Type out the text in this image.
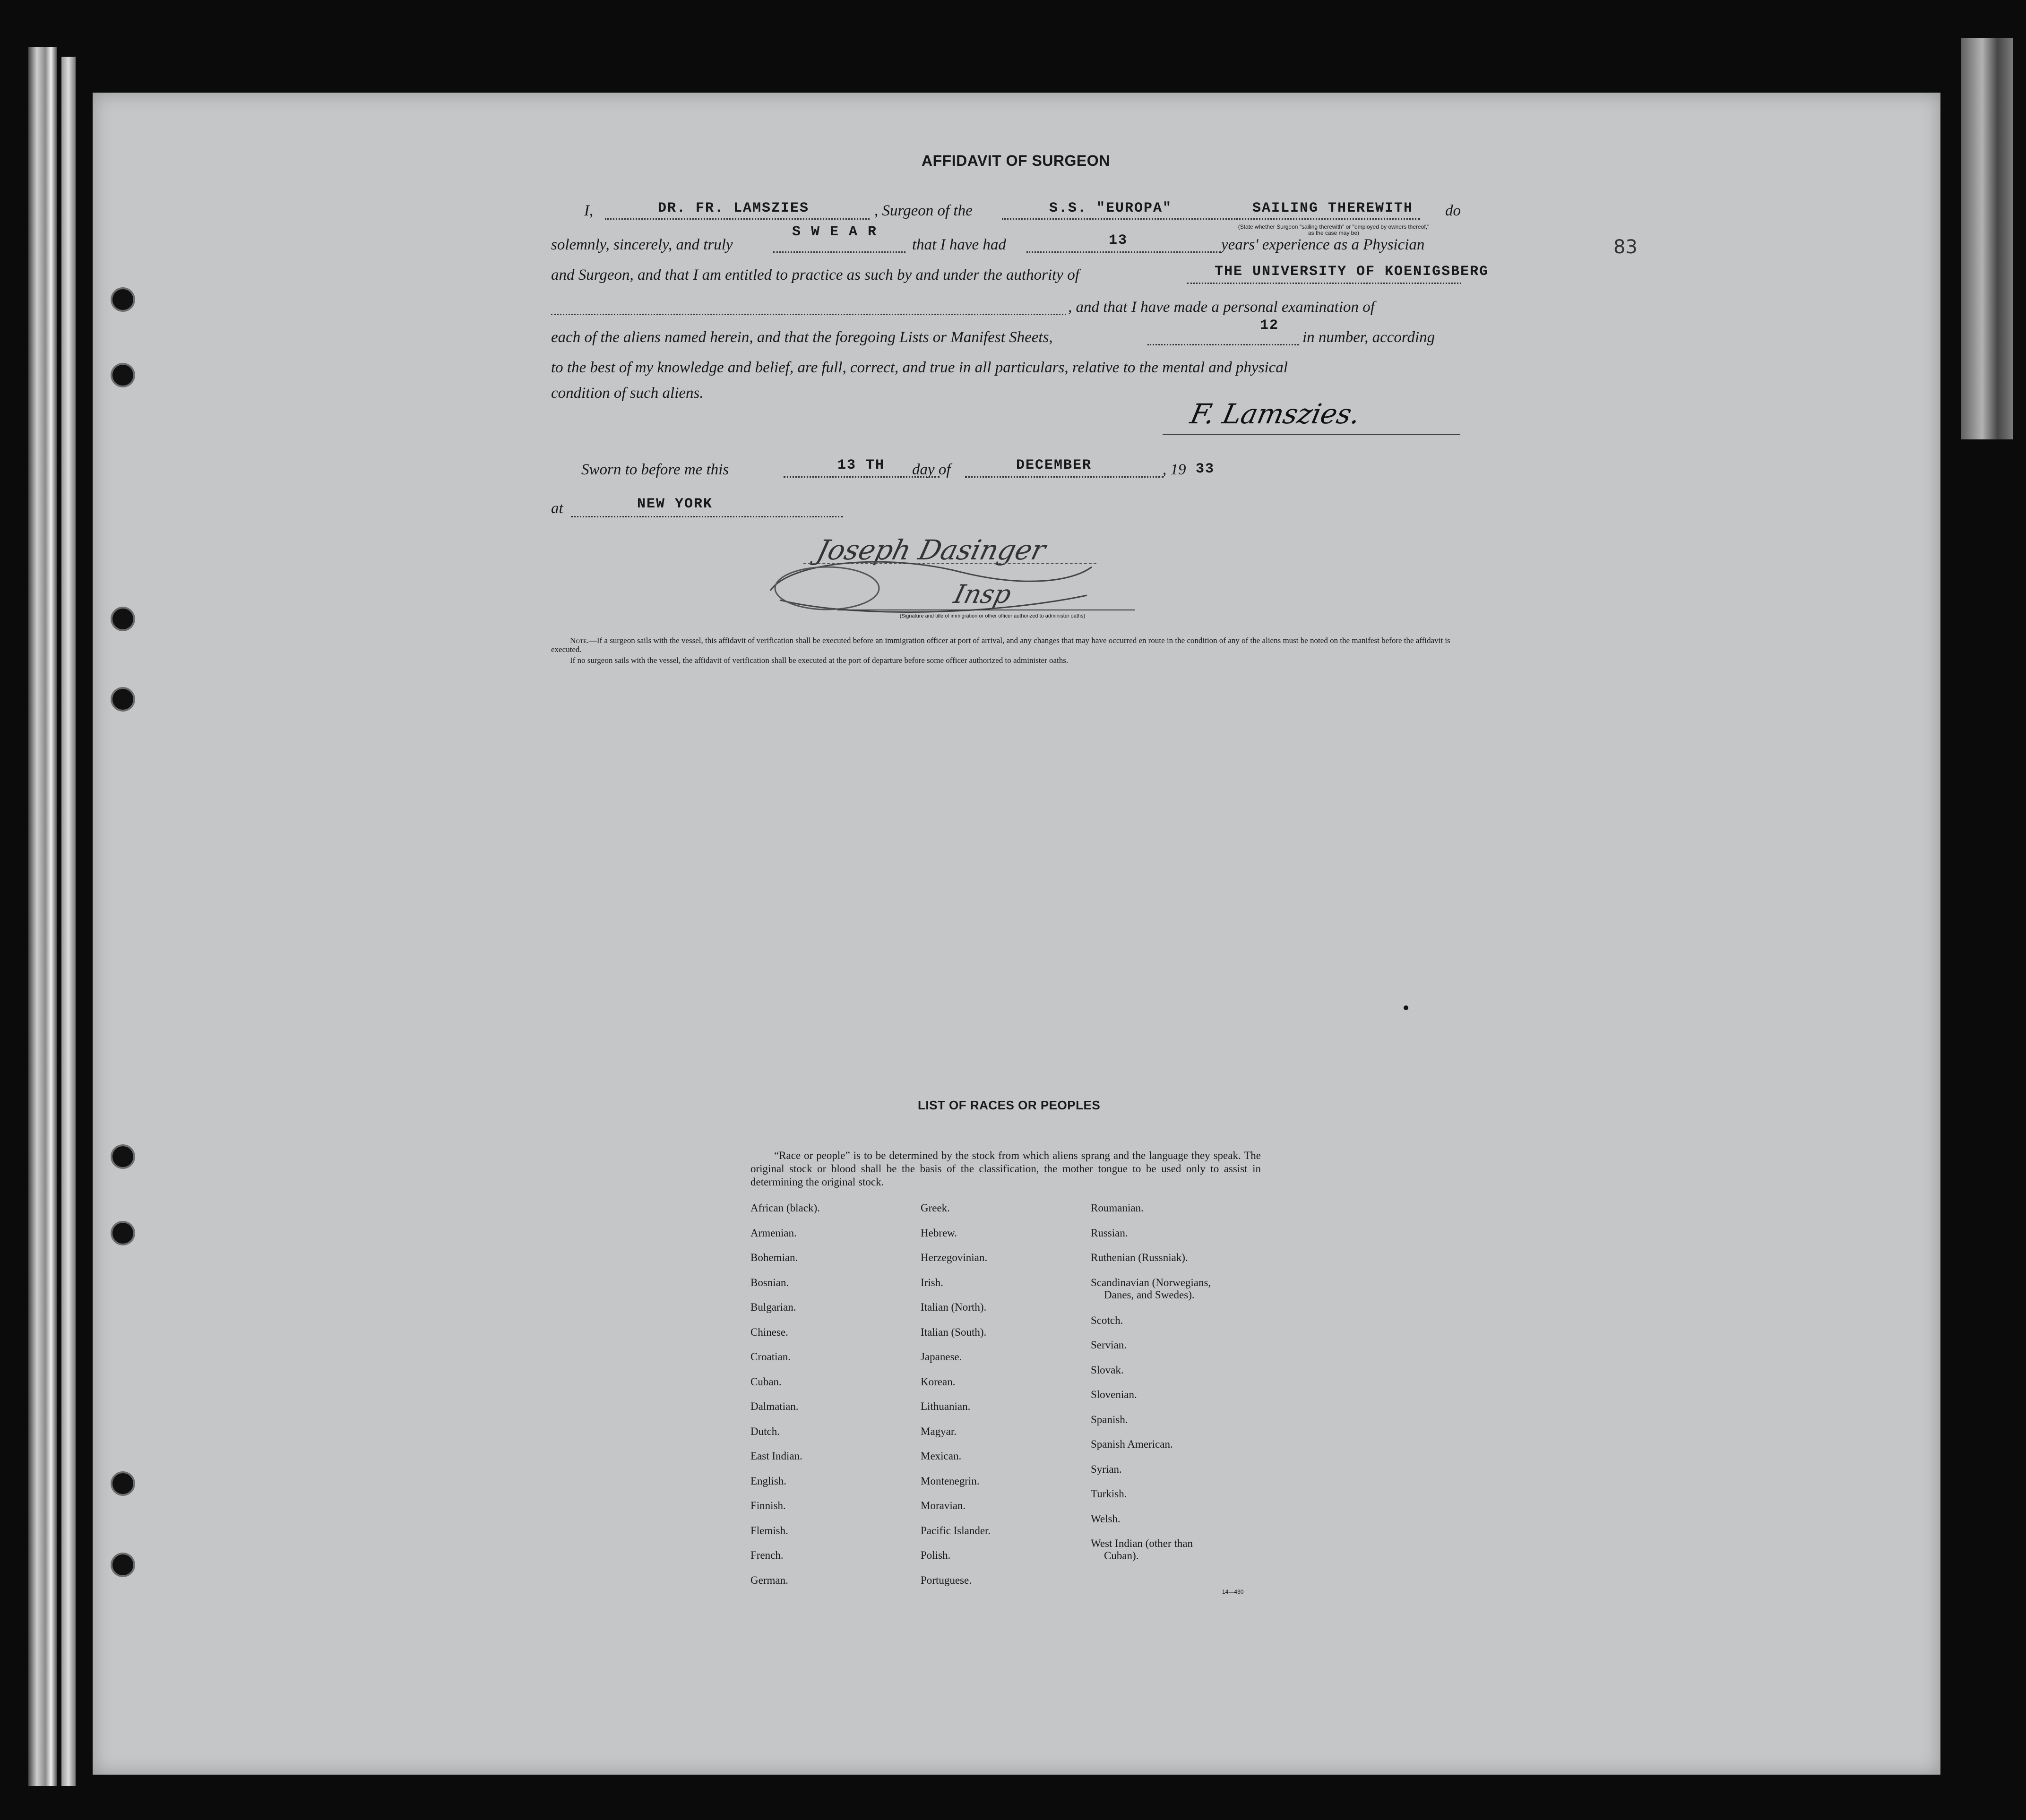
83
AFFIDAVIT OF SURGEON
I,	DR. FR. LAMSZIES	, Surgeon of the	S.S. "EUROPA"	SAILING THEREWITH do
(State whether Surgeon "sailing therewith" or "employed by owners thereof," as the case may be)
solemnly, sincerely, and truly
S W E A R
that I have had	13	years' experience as a Physician
and Surgeon, and that I am entitled to practice as such by and under the authority of	THE UNIVERSITY OF KOENIGSBERG
, and that I have made a personal examination of
each of the aliens named herein, and that the foregoing Lists or Manifest Sheets,
12
in number, according
to the best of my knowledge and belief, are full, correct, and true in all particulars, relative to the mental and physical
condition of such aliens.
F. Lamszies.
Sworn to before me this	13 TH day of	DECEMBER	, 19 33
at	NEW YORK
Joseph Dasinger
Insp
(Signature and title of immigration or other officer authorized to administer oaths)
Note.—If a surgeon sails with the vessel, this affidavit of verification shall be executed before an immigration officer at port of arrival, and any changes that may have occurred en route in the condition of any of the aliens must be noted on the manifest before the affidavit is executed.
If no surgeon sails with the vessel, the affidavit of verification shall be executed at the port of departure before some officer authorized to administer oaths.
LIST OF RACES OR PEOPLES
“Race or people” is to be determined by the stock from which aliens sprang and the language they speak. The original stock or blood shall be the basis of the classification, the mother tongue to be used only to assist in determining the original stock.
African (black).
Armenian.
Bohemian.
Bosnian.
Bulgarian.
Chinese.
Croatian.
Cuban.
Dalmatian.
Dutch.
East Indian.
English.
Finnish.
Flemish.
French.
German.
Greek.
Hebrew.
Herzegovinian.
Irish.
Italian (North).
Italian (South).
Japanese.
Korean.
Lithuanian.
Magyar.
Mexican.
Montenegrin.
Moravian.
Pacific Islander.
Polish.
Portuguese.
Roumanian.
Russian.
Ruthenian (Russniak).
Scandinavian (Norwegians,
Danes, and Swedes).
Scotch.
Servian.
Slovak.
Slovenian.
Spanish.
Spanish American.
Syrian.
Turkish.
Welsh.
West Indian (other than
Cuban).
14—430
